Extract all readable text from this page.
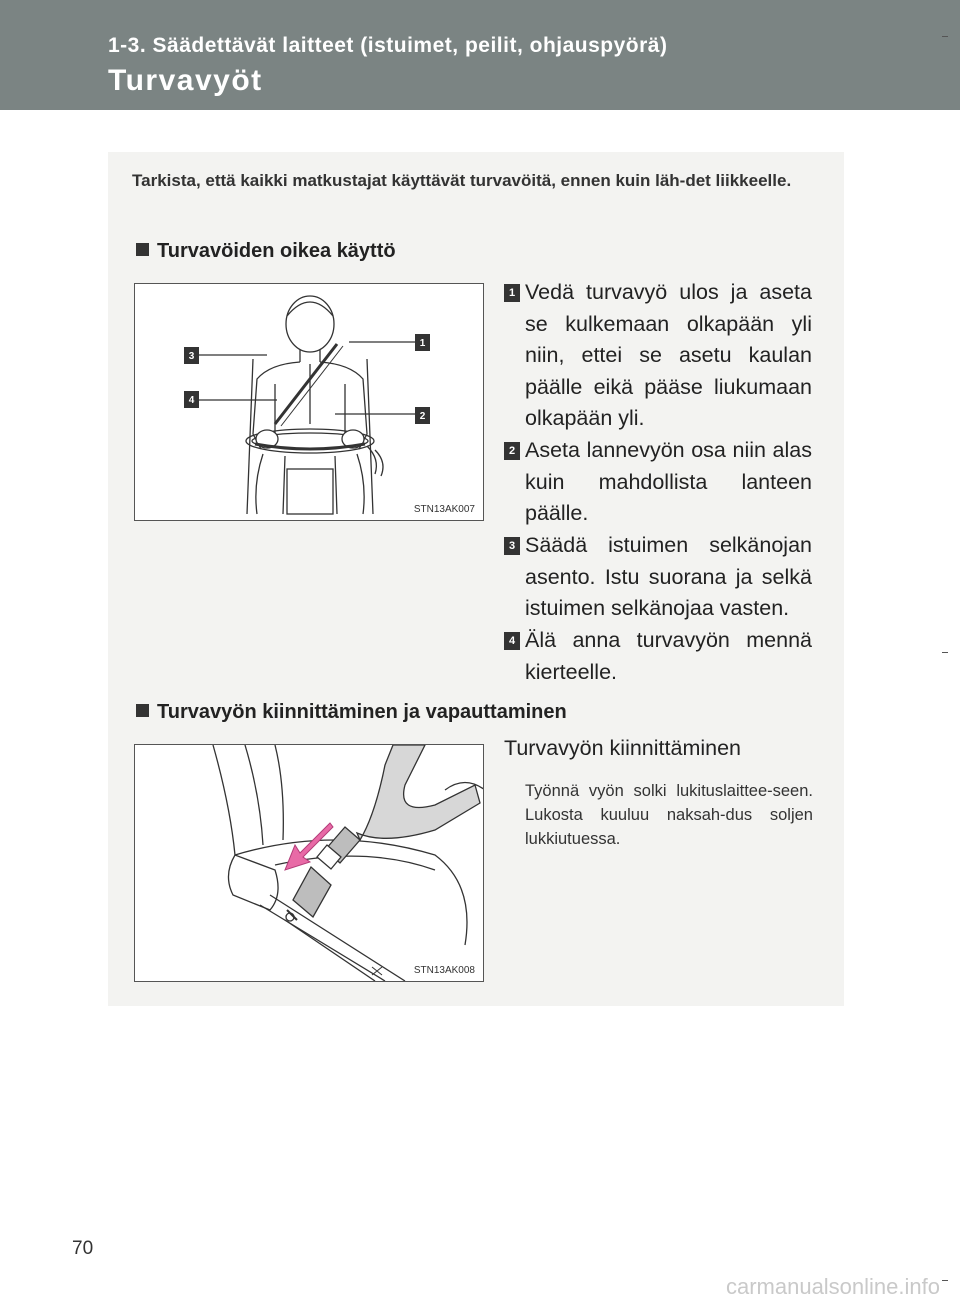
1-3. Säädettävät laitteet (istuimet, peilit, ohjauspyörä)
Turvavyöt
Tarkista, että kaikki matkustajat käyttävät turvavöitä, ennen kuin läh-det liikkeelle.
Turvavöiden oikea käyttö
1
2
3
4
STN13AK007
1 Vedä turvavyö ulos ja aseta se kulkemaan olkapään yli niin, ettei se asetu kaulan päälle eikä pääse liukumaan olkapään yli.
2 Aseta lannevyön osa niin alas kuin mahdollista lanteen päälle.
3 Säädä istuimen selkänojan asento. Istu suorana ja selkä istuimen selkänojaa vasten.
4 Älä anna turvavyön mennä kierteelle.
Turvavyön kiinnittäminen ja vapauttaminen
STN13AK008
Turvavyön kiinnittäminen
Työnnä vyön solki lukituslaittee-seen. Lukosta kuuluu naksah-dus soljen lukkiutuessa.
70
carmanualsonline.info
